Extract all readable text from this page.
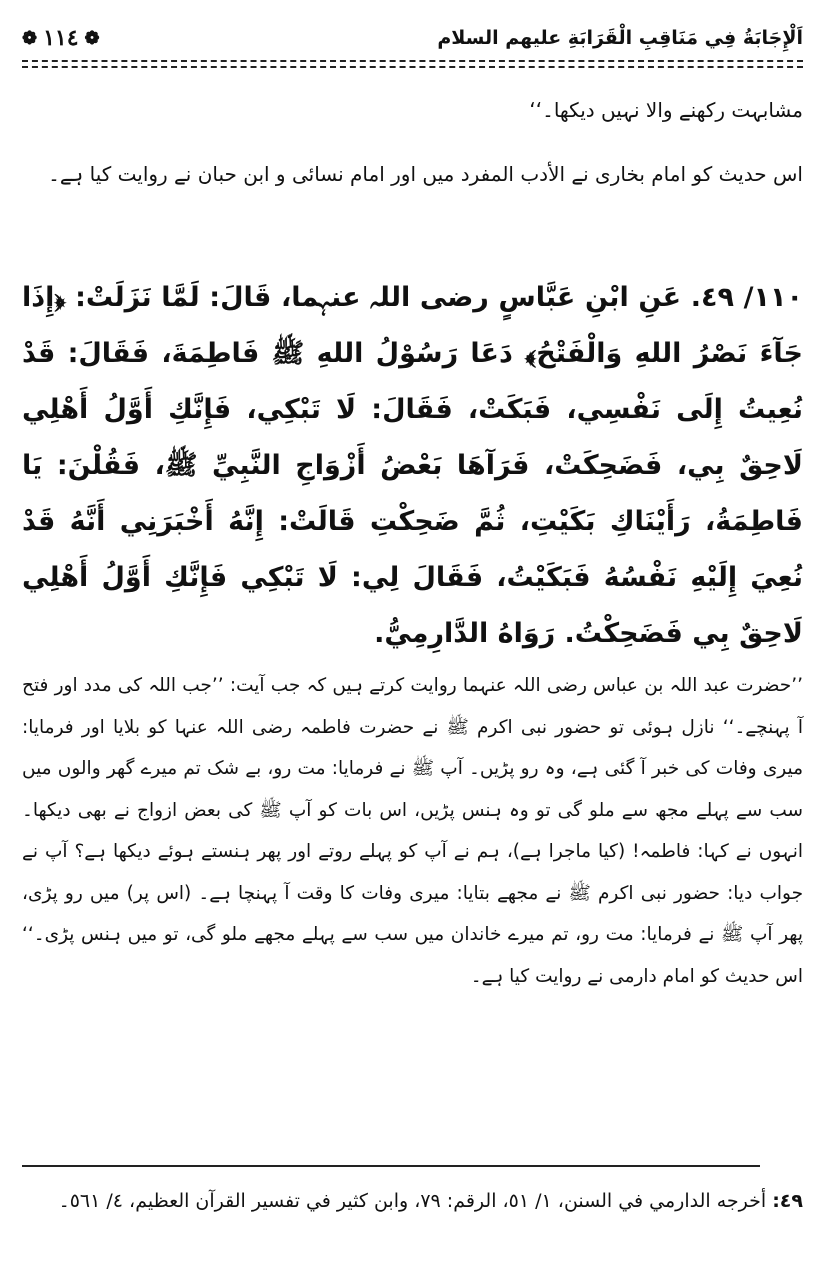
اَلْإِجَابَةُ فِي مَنَاقِبِ الْقَرَابَةِ عليهم السلام
❁ ١١٤ ❁
مشابہت رکھنے والا نہیں دیکھا۔‘‘
اس حدیث کو امام بخاری نے الأدب المفرد میں اور امام نسائی و ابن حبان نے روایت کیا ہے۔
١١٠/ ٤٩. عَنِ ابْنِ عَبَّاسٍ رضی اللہ عنہما، قَالَ: لَمَّا نَزَلَتْ: ﴿إِذَا جَآءَ نَصْرُ اللهِ وَالْفَتْحُ﴾ دَعَا رَسُوْلُ اللهِ ﷺ فَاطِمَةَ، فَقَالَ: قَدْ نُعِيتُ إِلَى نَفْسِي، فَبَكَتْ، فَقَالَ: لَا تَبْكِي، فَإِنَّكِ أَوَّلُ أَهْلِي لَاحِقٌ بِي، فَضَحِكَتْ، فَرَآهَا بَعْضُ أَزْوَاجِ النَّبِيِّ ﷺ، فَقُلْنَ: يَا فَاطِمَةُ، رَأَيْنَاكِ بَكَيْتِ، ثُمَّ ضَحِكْتِ قَالَتْ: إِنَّهُ أَخْبَرَنِي أَنَّهُ قَدْ نُعِيَ إِلَيْهِ نَفْسُهُ فَبَكَيْتُ، فَقَالَ لِي: لَا تَبْكِي فَإِنَّكِ أَوَّلُ أَهْلِي لَاحِقٌ بِي فَضَحِكْتُ. رَوَاهُ الدَّارِمِيُّ.
’’حضرت عبد اللہ بن عباس رضی اللہ عنہما روایت کرتے ہیں کہ جب آیت: ’’جب اللہ کی مدد اور فتح آ پہنچے۔‘‘ نازل ہوئی تو حضور نبی اکرم ﷺ نے حضرت فاطمہ رضی اللہ عنہا کو بلایا اور فرمایا: میری وفات کی خبر آ گئی ہے، وہ رو پڑیں۔ آپ ﷺ نے فرمایا: مت رو، بے شک تم میرے گھر والوں میں سب سے پہلے مجھ سے ملو گی تو وہ ہنس پڑیں، اس بات کو آپ ﷺ کی بعض ازواج نے بھی دیکھا۔ انہوں نے کہا: فاطمہ! (کیا ماجرا ہے)، ہم نے آپ کو پہلے روتے اور پھر ہنستے ہوئے دیکھا ہے؟ آپ نے جواب دیا: حضور نبی اکرم ﷺ نے مجھے بتایا: میری وفات کا وقت آ پہنچا ہے۔ (اس پر) میں رو پڑی، پھر آپ ﷺ نے فرمایا: مت رو، تم میرے خاندان میں سب سے پہلے مجھے ملو گی، تو میں ہنس پڑی۔‘‘ اس حدیث کو امام دارمی نے روایت کیا ہے۔
٤٩: أخرجه الدارمي في السنن، ١/ ٥١، الرقم: ٧٩، وابن كثير في تفسير القرآن العظيم، ٤/ ٥٦١۔
